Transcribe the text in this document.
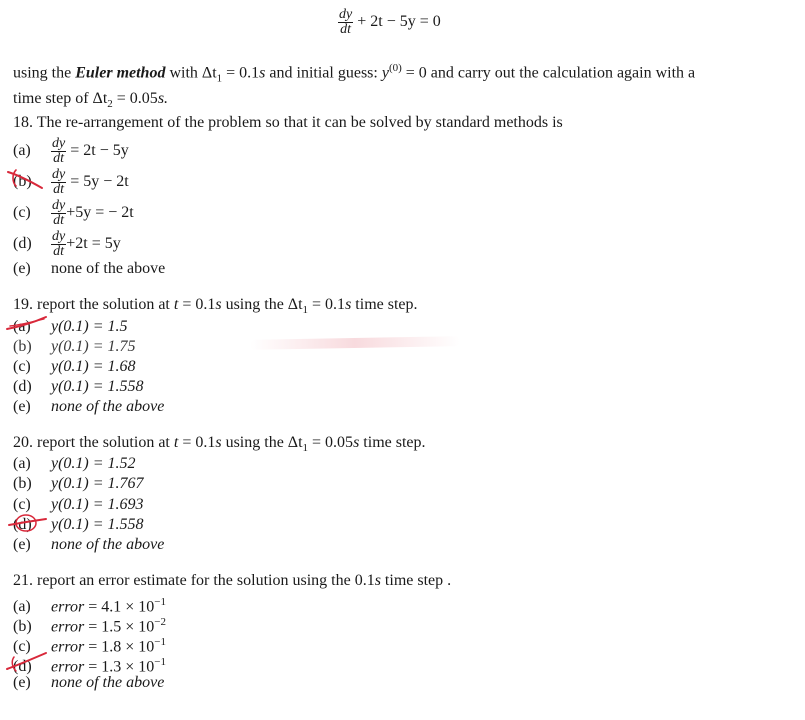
$\frac{dy}{dt} + 2t - 5y = 0$
using the Euler method with $\Delta t_1 = 0.1s$ and initial guess: $y^{(0)} = 0$ and carry out the calculation again with a
time step of $\Delta t_2 = 0.05s$.
18. The re-arrangement of the problem so that it can be solved by standard methods is
$(a) \frac{dy}{dt} = 2t - 5y$
$(b) \frac{dy}{dt} = 5y - 2t$
$(c) \frac{dy}{dt} +5y$ = − 2t
$(d) \frac{dy}{dt} +2t = 5y$
(e) none of the above
19. report the solution at t = 0.1s using the $\Delta t_1 = 0.1s$ time step.
(a) y(0.1) = 1.5
(b) y(0.1) = 1.75
(c) y(0.1) = 1.68
(d) y(0.1) = 1.558
(e) none of the above
20. report the solution at t = 0.1s using the $\Delta t_1 = 0.05s$ time step.
(a) y(0.1) = 1.52
(b) y(0.1) = 1.767
(c) y(0.1) = 1.693
(d) y(0.1) = 1.558
(e) none of the above
21. report an error estimate for the solution using the 0.1s time step .
(a) error = $4.1 \times 10^{-1}$
(b) error = $1.5 \times 10^{-2}$
(c) error = $1.8 \times 10^{-1}$
(d) error = $1.3 \times 10^{-1}$
(e) none of the above
